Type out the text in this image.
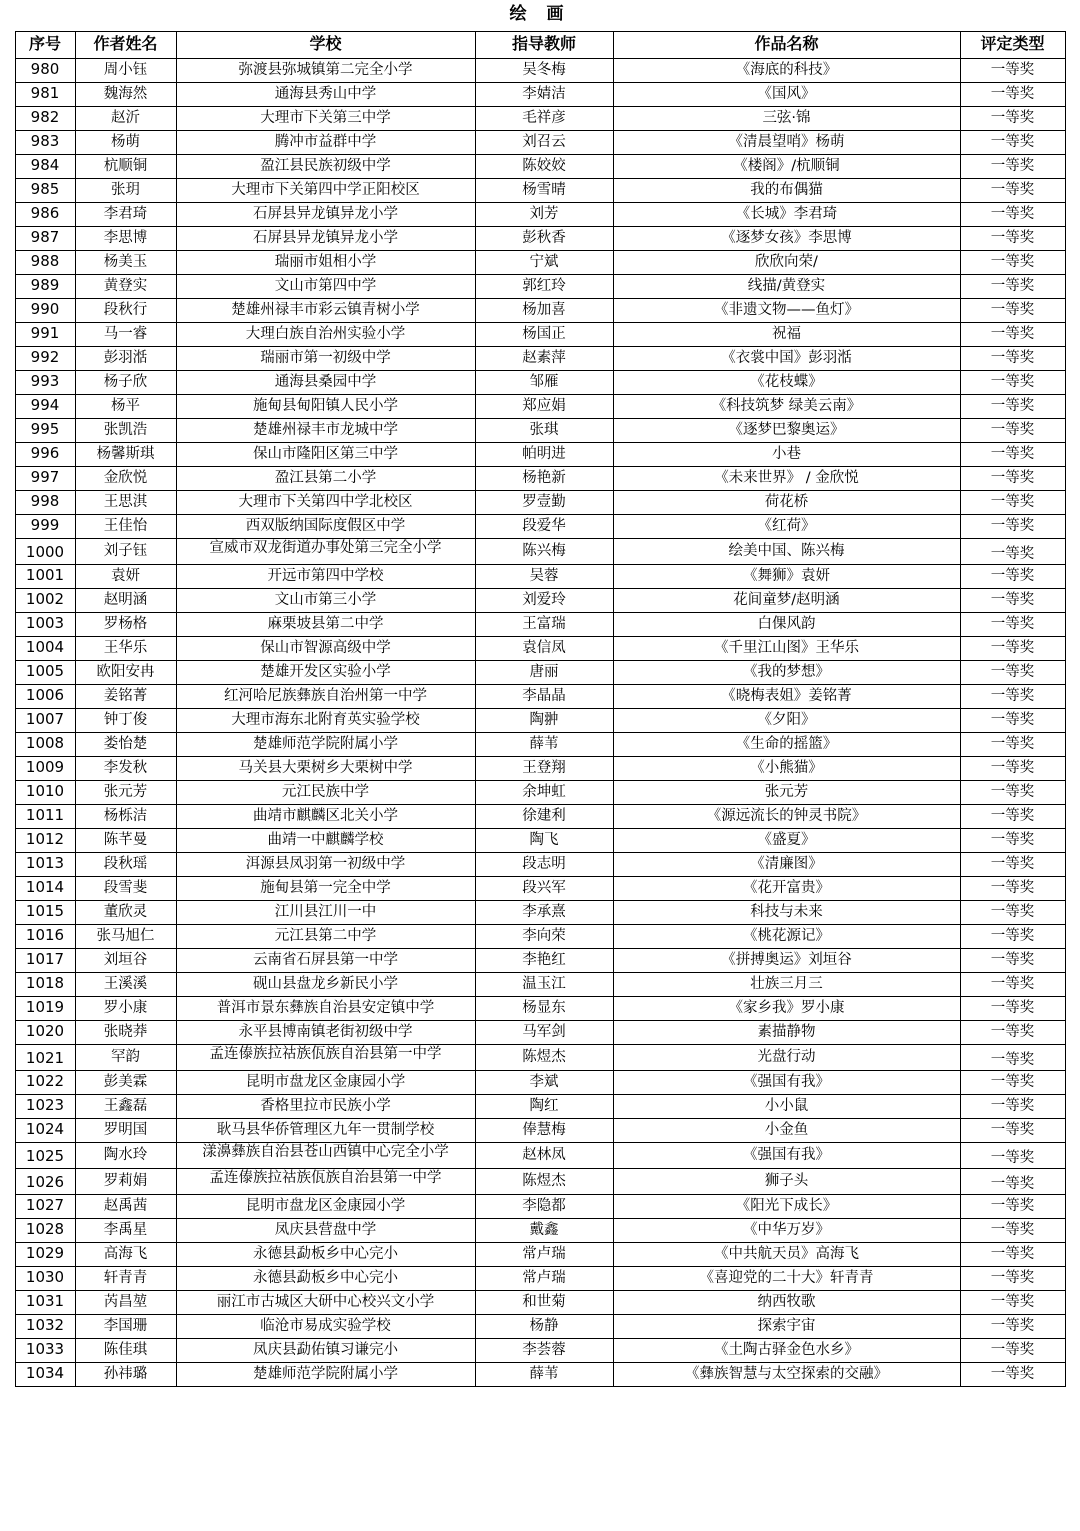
绘 画
序号	作者姓名	学校	指导教师	作品名称	评定类型
980	周小钰	弥渡县弥城镇第二完全小学	吴冬梅	《海底的科技》	一等奖
981	魏海然	通海县秀山中学	李婧洁	《国风》	一等奖
982	赵沂	大理市下关第三中学	毛祥彦	三弦·锦	一等奖
983	杨萌	腾冲市益群中学	刘召云	《清晨望哨》杨萌	一等奖
984	杭顺铜	盈江县民族初级中学	陈姣姣	《楼阁》/杭顺铜	一等奖
985	张玥	大理市下关第四中学正阳校区	杨雪晴	我的布偶猫	一等奖
986	李君琦	石屏县异龙镇异龙小学	刘芳	《长城》李君琦	一等奖
987	李思博	石屏县异龙镇异龙小学	彭秋香	《逐梦女孩》李思博	一等奖
988	杨美玉	瑞丽市姐相小学	宁斌	欣欣向荣/	一等奖
989	黄登实	文山市第四中学	郭红玲	线描/黄登实	一等奖
990	段秋行	楚雄州禄丰市彩云镇青树小学	杨加喜	《非遗文物——鱼灯》	一等奖
991	马一睿	大理白族自治州实验小学	杨国正	祝福	一等奖
992	彭羽湉	瑞丽市第一初级中学	赵素萍	《衣裳中国》彭羽湉	一等奖
993	杨子欣	通海县桑园中学	邹雁	《花枝蝶》	一等奖
994	杨平	施甸县甸阳镇人民小学	郑应娟	《科技筑梦 绿美云南》	一等奖
995	张凯浩	楚雄州禄丰市龙城中学	张琪	《逐梦巴黎奥运》	一等奖
996	杨馨斯琪	保山市隆阳区第三中学	帕明进	小巷	一等奖
997	金欣悦	盈江县第二小学	杨艳新	《未来世界》 / 金欣悦	一等奖
998	王思淇	大理市下关第四中学北校区	罗壹勤	荷花桥	一等奖
999	王佳怡	西双版纳国际度假区中学	段爱华	《红荷》	一等奖
1000	刘子钰	宣威市双龙街道办事处第三完全小学	陈兴梅	绘美中国、陈兴梅	一等奖
1001	袁妍	开远市第四中学校	吴蓉	《舞狮》袁妍	一等奖
1002	赵明涵	文山市第三小学	刘爱玲	花间童梦/赵明涵	一等奖
1003	罗杨格	麻栗坡县第二中学	王富瑞	白倮风韵	一等奖
1004	王华乐	保山市智源高级中学	袁信凤	《千里江山图》王华乐	一等奖
1005	欧阳安冉	楚雄开发区实验小学	唐丽	《我的梦想》	一等奖
1006	姜铭菁	红河哈尼族彝族自治州第一中学	李晶晶	《晓梅表姐》姜铭菁	一等奖
1007	钟丁俊	大理市海东北附育英实验学校	陶翀	《夕阳》	一等奖
1008	娄怡楚	楚雄师范学院附属小学	薛苇	《生命的摇篮》	一等奖
1009	李发秋	马关县大栗树乡大栗树中学	王登翔	《小熊猫》	一等奖
1010	张元芳	元江民族中学	余坤虹	张元芳	一等奖
1011	杨栎洁	曲靖市麒麟区北关小学	徐建利	《源远流长的钟灵书院》	一等奖
1012	陈芊曼	曲靖一中麒麟学校	陶飞	《盛夏》	一等奖
1013	段秋瑶	洱源县凤羽第一初级中学	段志明	《清廉图》	一等奖
1014	段雪斐	施甸县第一完全中学	段兴军	《花开富贵》	一等奖
1015	董欣灵	江川县江川一中	李承熹	科技与未来	一等奖
1016	张马旭仁	元江县第二中学	李向荣	《桃花源记》	一等奖
1017	刘垣谷	云南省石屏县第一中学	李艳红	《拼搏奥运》刘垣谷	一等奖
1018	王溪溪	砚山县盘龙乡新民小学	温玉江	壮族三月三	一等奖
1019	罗小康	普洱市景东彝族自治县安定镇中学	杨显东	《家乡我》罗小康	一等奖
1020	张晓莽	永平县博南镇老街初级中学	马军剑	素描静物	一等奖
1021	罕韵	孟连傣族拉祜族佤族自治县第一中学	陈煜杰	光盘行动	一等奖
1022	彭美霖	昆明市盘龙区金康园小学	李斌	《强国有我》	一等奖
1023	王鑫磊	香格里拉市民族小学	陶红	小小鼠	一等奖
1024	罗明国	耿马县华侨管理区九年一贯制学校	俸慧梅	小金鱼	一等奖
1025	陶水玲	漾濞彝族自治县苍山西镇中心完全小学	赵林凤	《强国有我》	一等奖
1026	罗莉娟	孟连傣族拉祜族佤族自治县第一中学	陈煜杰	狮子头	一等奖
1027	赵禹茜	昆明市盘龙区金康园小学	李隐都	《阳光下成长》	一等奖
1028	李禹星	凤庆县营盘中学	戴鑫	《中华万岁》	一等奖
1029	高海飞	永德县勐板乡中心完小	常卢瑞	《中共航天员》高海飞	一等奖
1030	轩青青	永德县勐板乡中心完小	常卢瑞	《喜迎党的二十大》轩青青	一等奖
1031	芮昌堃	丽江市古城区大研中心校兴文小学	和世菊	纳西牧歌	一等奖
1032	李国珊	临沧市易成实验学校	杨静	探索宇宙	一等奖
1033	陈佳琪	凤庆县勐佑镇习谦完小	李荟蓉	《土陶古驿金色水乡》	一等奖
1034	孙祎璐	楚雄师范学院附属小学	薛苇	《彝族智慧与太空探索的交融》	一等奖
